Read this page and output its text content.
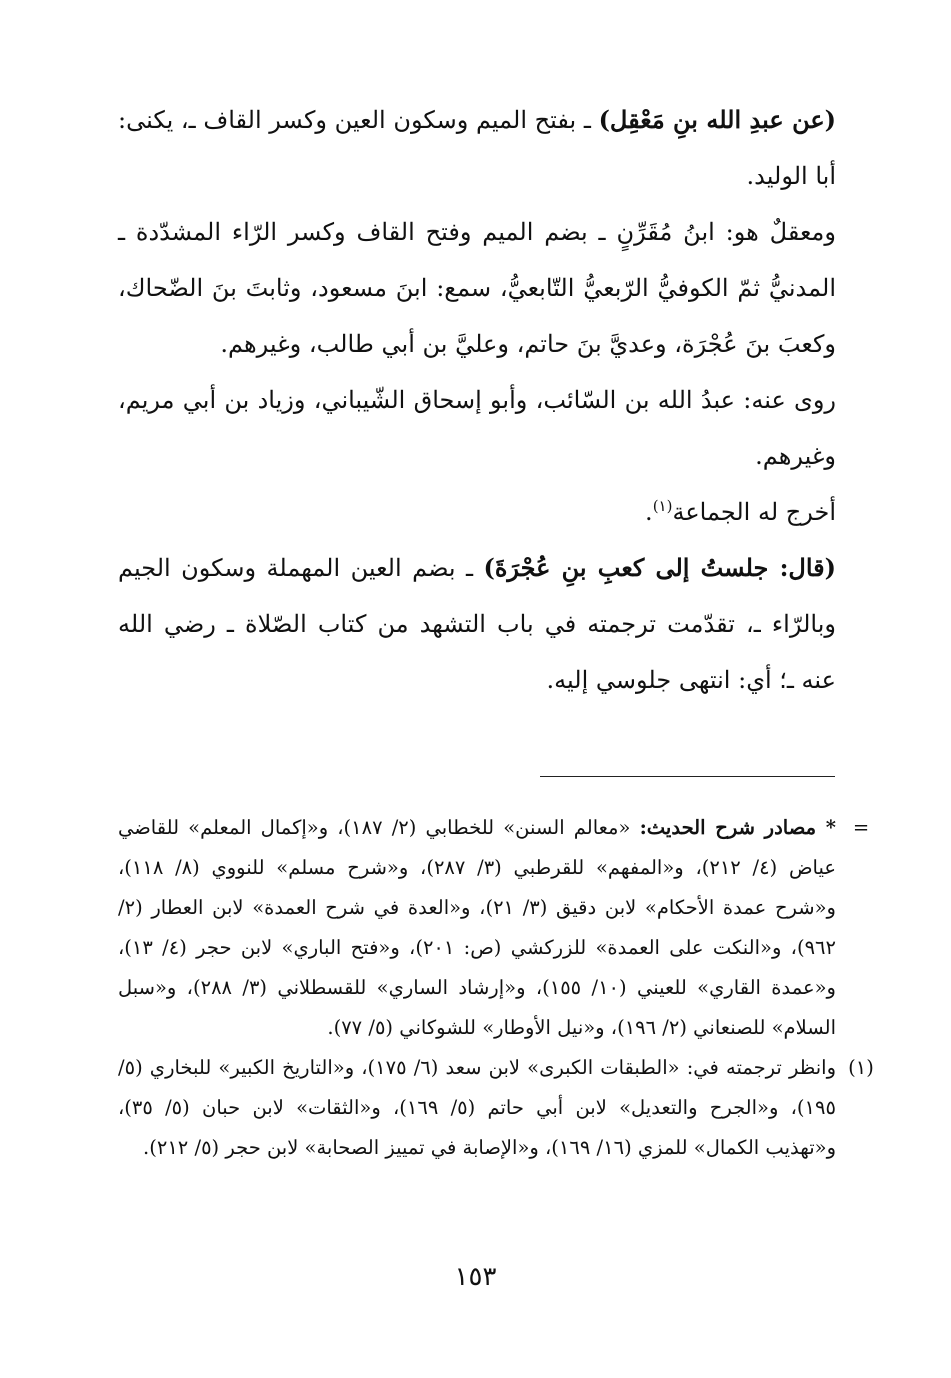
(عن عبدِ الله بنِ مَعْقِل) ـ بفتح الميم وسكون العين وكسر القاف ـ، يكنى: أبا الوليد.

ومعقلٌ هو: ابنُ مُقَرِّنٍ ـ بضم الميم وفتح القاف وكسر الرّاء المشدّدة ـ المدنيُّ ثمّ الكوفيُّ الرّبعيُّ التّابعيُّ، سمع: ابنَ مسعود، وثابتَ بنَ الضّحاك، وكعبَ بنَ عُجْرَة، وعديَّ بنَ حاتم، وعليَّ بن أبي طالب، وغيرهم.

روى عنه: عبدُ الله بن السّائب، وأبو إسحاق الشّيباني، وزياد بن أبي مريم، وغيرهم.

أخرج له الجماعة$^{(١)}$.

(قال: جلستُ إلى كعبِ بنِ عُجْرَةَ) ـ بضم العين المهملة وسكون الجيم وبالرّاء ـ، تقدّمت ترجمته في باب التشهد من كتاب الصّلاة ـ رضي الله عنه ـ؛ أي: انتهى جلوسي إليه.

=
* مصادر شرح الحديث: «معالم السنن» للخطابي (٢/ ١٨٧)، و«إكمال المعلم» للقاضي عياض (٤/ ٢١٢)، و«المفهم» للقرطبي (٣/ ٢٨٧)، و«شرح مسلم» للنووي (٨/ ١١٨)، و«شرح عمدة الأحكام» لابن دقيق (٣/ ٢١)، و«العدة في شرح العمدة» لابن العطار (٢/ ٩٦٢)، و«النكت على العمدة» للزركشي (ص: ٢٠١)، و«فتح الباري» لابن حجر (٤/ ١٣)، و«عمدة القاري» للعيني (١٠/ ١٥٥)، و«إرشاد الساري» للقسطلاني (٣/ ٢٨٨)، و«سبل السلام» للصنعاني (٢/ ١٩٦)، و«نيل الأوطار» للشوكاني (٥/ ٧٧).

(١)
وانظر ترجمته في: «الطبقات الكبرى» لابن سعد (٦/ ١٧٥)، و«التاريخ الكبير» للبخاري (٥/ ١٩٥)، و«الجرح والتعديل» لابن أبي حاتم (٥/ ١٦٩)، و«الثقات» لابن حبان (٥/ ٣٥)، و«تهذيب الكمال» للمزي (١٦/ ١٦٩)، و«الإصابة في تمييز الصحابة» لابن حجر (٥/ ٢١٢).

١٥٣
